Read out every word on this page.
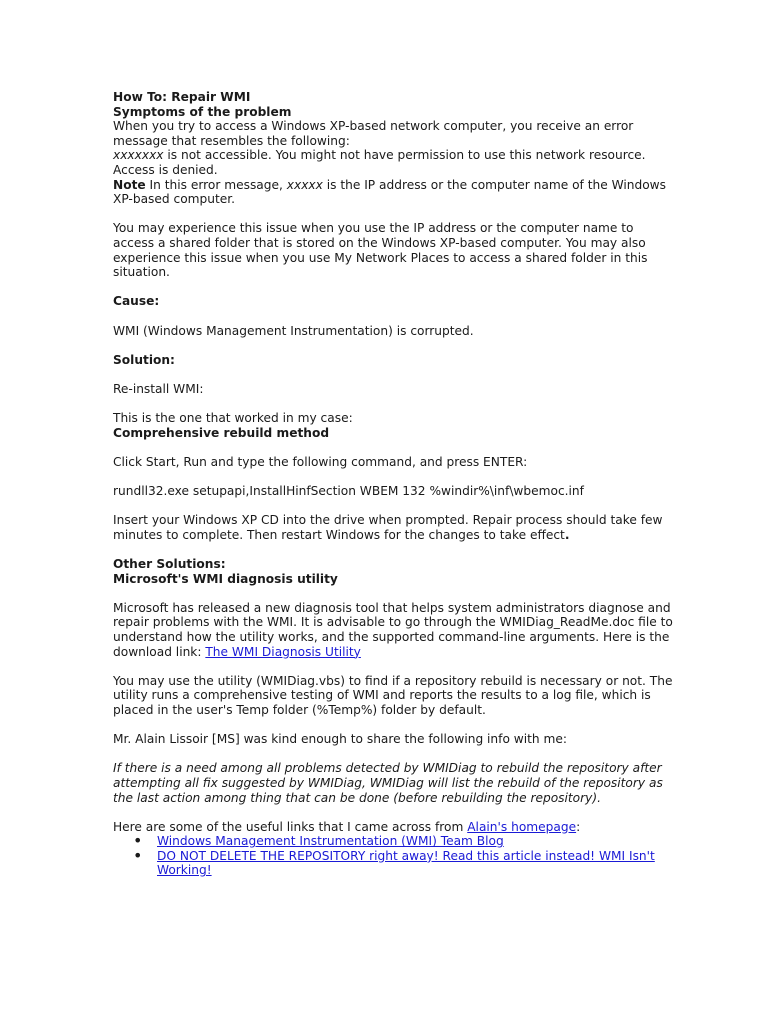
How To: Repair WMI

Symptoms of the problem

When you try to access a Windows XP-based network computer, you receive an error message that resembles the following:

xxxxxxx is not accessible. You might not have permission to use this network resource. Access is denied.

Note In this error message, xxxxx is the IP address or the computer name of the Windows XP-based computer.

You may experience this issue when you use the IP address or the computer name to access a shared folder that is stored on the Windows XP-based computer. You may also experience this issue when you use My Network Places to access a shared folder in this situation.

Cause:

WMI (Windows Management Instrumentation) is corrupted.

Solution:

Re-install WMI:

This is the one that worked in my case:

Comprehensive rebuild method

Click Start, Run and type the following command, and press ENTER:

rundll32.exe setupapi,InstallHinfSection WBEM 132 %windir%\inf\wbemoc.inf

Insert your Windows XP CD into the drive when prompted. Repair process should take few minutes to complete. Then restart Windows for the changes to take effect.

Other Solutions:

Microsoft's WMI diagnosis utility

Microsoft has released a new diagnosis tool that helps system administrators diagnose and repair problems with the WMI. It is advisable to go through the WMIDiag_ReadMe.doc file to understand how the utility works, and the supported command-line arguments. Here is the download link: The WMI Diagnosis Utility

You may use the utility (WMIDiag.vbs) to find if a repository rebuild is necessary or not. The utility runs a comprehensive testing of WMI and reports the results to a log file, which is placed in the user's Temp folder (%Temp%) folder by default.

Mr. Alain Lissoir [MS] was kind enough to share the following info with me:

If there is a need among all problems detected by WMIDiag to rebuild the repository after attempting all fix suggested by WMIDiag, WMIDiag will list the rebuild of the repository as the last action among thing that can be done (before rebuilding the repository).

Here are some of the useful links that I came across from Alain's homepage:

• Windows Management Instrumentation (WMI) Team Blog
• DO NOT DELETE THE REPOSITORY right away! Read this article instead! WMI Isn't Working!
